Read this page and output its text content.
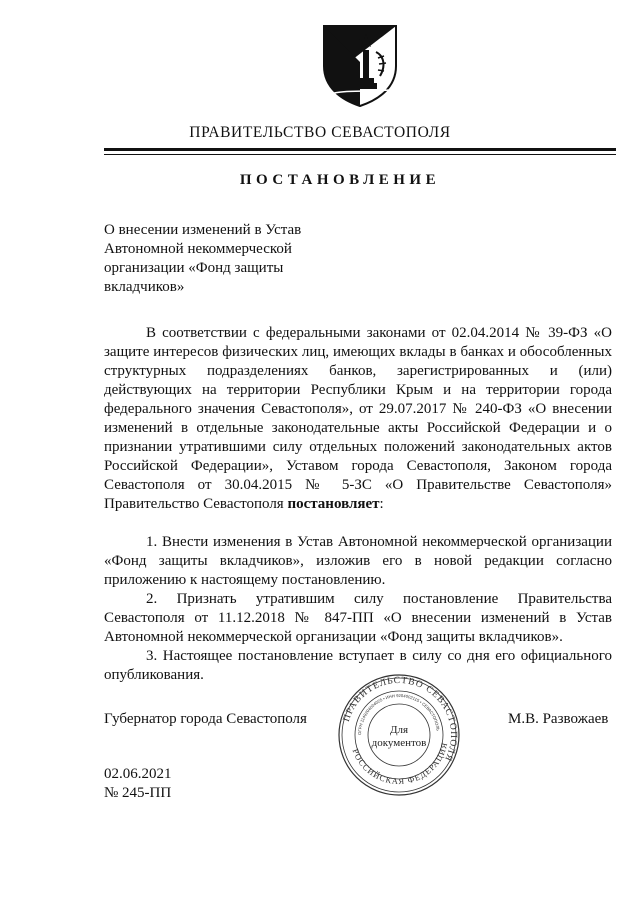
ПРАВИТЕЛЬСТВО СЕВАСТОПОЛЯ
ПОСТАНОВЛЕНИЕ
О внесении изменений в Устав
Автономной некоммерческой
организации «Фонд защиты
вкладчиков»

В соответствии с федеральными законами от 02.04.2014 № 39-ФЗ «О защите интересов физических лиц, имеющих вклады в банках и обособленных структурных подразделениях банков, зарегистрированных и (или) действующих на территории Республики Крым и на территории города федерального значения Севастополя», от 29.07.2017 № 240-ФЗ «О внесении изменений в отдельные законодательные акты Российской Федерации и о признании утратившими силу отдельных положений законодательных актов Российской Федерации», Уставом города Севастополя, Законом города Севастополя от 30.04.2015 № 5-ЗС «О Правительстве Севастополя» Правительство Севастополя постановляет:

1. Внести изменения в Устав Автономной некоммерческой организации «Фонд защиты вкладчиков», изложив его в новой редакции согласно приложению к настоящему постановлению.

2. Признать утратившим силу постановление Правительства Севастополя от 11.12.2018 № 847-ПП «О внесении изменений в Устав Автономной некоммерческой организации «Фонд защиты вкладчиков».

3. Настоящее постановление вступает в силу со дня его официального опубликования.

Губернатор города Севастополя	ПРАВИТЕЛЬСТВО СЕВАСТОПОЛЯ
РОССИЙСКАЯ ФЕДЕРАЦИЯ
ОГРН 1149204004025 • ИНН 9204002115 • СЕВАСТОПОЛЬ
Для
документов
М.В. Развожаев
02.06.2021
№ 245-ПП
